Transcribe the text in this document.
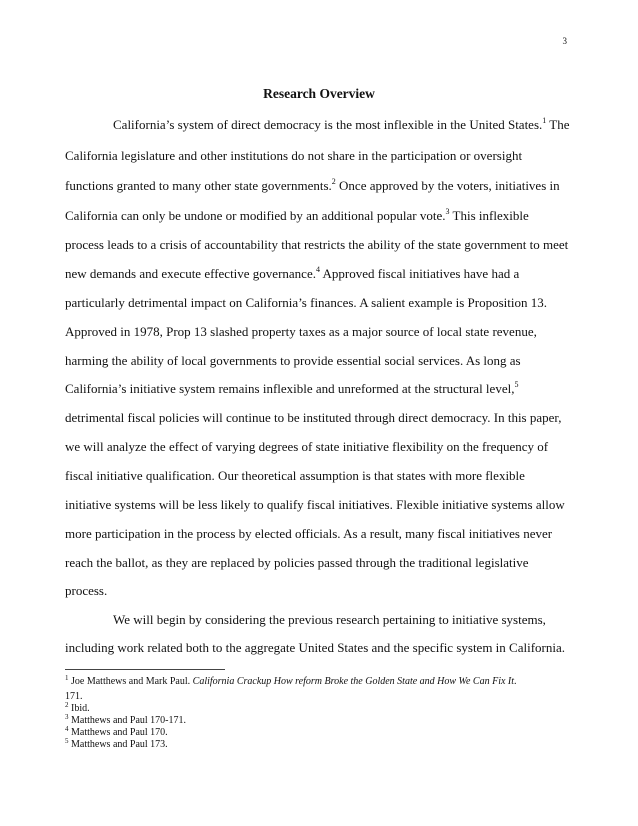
3
Research Overview
California’s system of direct democracy is the most inflexible in the United States.$^1$ The
California legislature and other institutions do not share in the participation or oversight
functions granted to many other state governments.$^2$ Once approved by the voters, initiatives in
California can only be undone or modified by an additional popular vote.$^3$ This inflexible
process leads to a crisis of accountability that restricts the ability of the state government to meet
new demands and execute effective governance.$^4$ Approved fiscal initiatives have had a
particularly detrimental impact on California’s finances. A salient example is Proposition 13.
Approved in 1978, Prop 13 slashed property taxes as a major source of local state revenue,
harming the ability of local governments to provide essential social services. As long as
California’s initiative system remains inflexible and unreformed at the structural level,$^5$
detrimental fiscal policies will continue to be instituted through direct democracy. In this paper,
we will analyze the effect of varying degrees of state initiative flexibility on the frequency of
fiscal initiative qualification. Our theoretical assumption is that states with more flexible
initiative systems will be less likely to qualify fiscal initiatives. Flexible initiative systems allow
more participation in the process by elected officials. As a result, many fiscal initiatives never
reach the ballot, as they are replaced by policies passed through the traditional legislative
process.
We will begin by considering the previous research pertaining to initiative systems,
including work related both to the aggregate United States and the specific system in California.
$^1$ Joe Matthews and Mark Paul. California Crackup How reform Broke the Golden State and How We Can Fix It.
171.
$^2$ Ibid.
$^3$ Matthews and Paul 170-171.
$^4$ Matthews and Paul 170.
$^5$ Matthews and Paul 173.
